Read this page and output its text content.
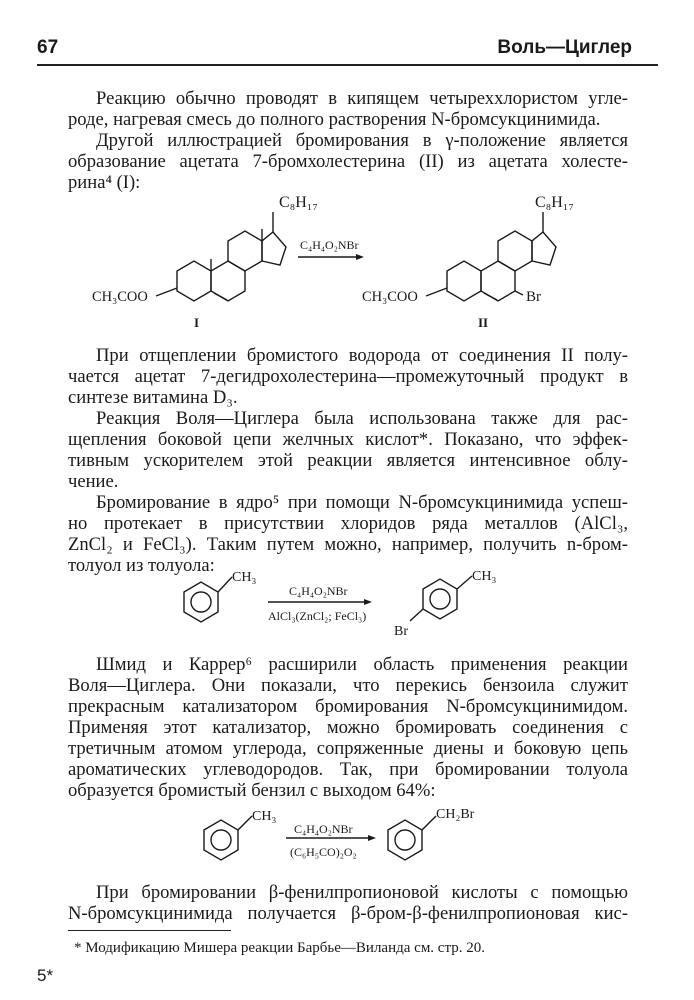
67	Воль—Циглер
Реакцию обычно проводят в кипящем четыреххлористом угле-
роде, нагревая смесь до полного растворения N-бромсукцинимида.
Другой иллюстрацией бромирования в γ-положение является
образование ацетата 7-бромхолестерина (II) из ацетата холесте-
рина⁴ (I):
C₈H₁₇
CH₃COO
I
C₄H₄O₂NBr
C₈H₁₇
CH₃COO	Br
II
При отщеплении бромистого водорода от соединения II полу-
чается ацетат 7-дегидрохолестерина—промежуточный продукт в
синтезе витамина D₃.
Реакция Воля—Циглера была использована также для рас-
щепления боковой цепи желчных кислот*. Показано, что эффек-
тивным ускорителем этой реакции является интенсивное облу-
чение.
Бромирование в ядро⁵ при помощи N-бромсукцинимида успеш-
но протекает в присутствии хлоридов ряда металлов (AlCl₃,
ZnCl₂ и FeCl₃). Таким путем можно, например, получить n-бром-
толуол из толуола:
CH₃
C₄H₄O₂NBr
AlCl₃(ZnCl₂; FeCl₃)
CH₃
Br
Шмид и Каррер⁶ расширили область применения реакции
Воля—Циглера. Они показали, что перекись бензоила служит
прекрасным катализатором бромирования N-бромсукцинимидом.
Применяя этот катализатор, можно бромировать соединения с
третичным атомом углерода, сопряженные диены и боковую цепь
ароматических углеводородов. Так, при бромировании толуола
образуется бромистый бензил с выходом 64%:
CH₃
C₄H₄O₂NBr
(C₆H₅CO)₂O₂
CH₂Br
При бромировании β-фенилпропионовой кислоты с помощью
N-бромсукцинимида получается β-бром-β-фенилпропионовая кис-
* Модификацию Мишера реакции Барбье—Виланда см. стр. 20.
5*
